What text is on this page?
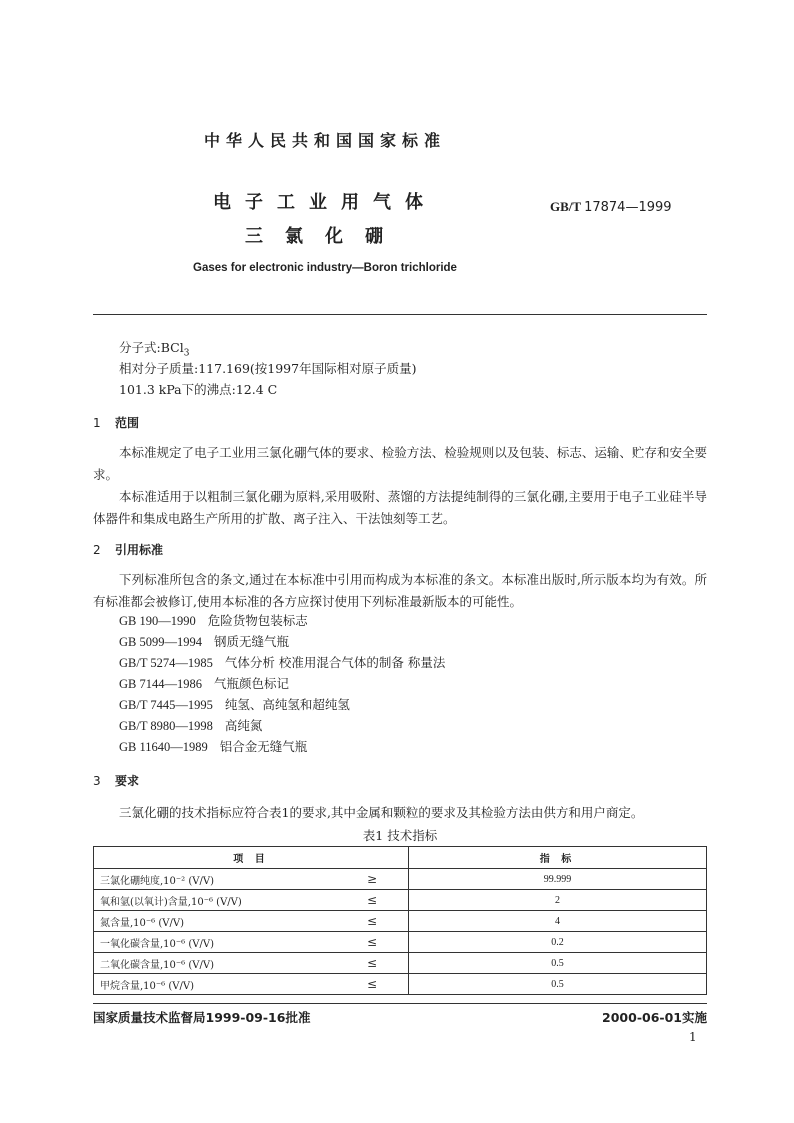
中华人民共和国国家标准
电子工业用气体
三氯化硼
GB/T 17874—1999
Gases for electronic industry—Boron trichloride
分子式:BCl$_3$
相对分子质量:117.169(按1997年国际相对原子质量)
101.3 kPa下的沸点:12.4 C
1 范围
本标准规定了电子工业用三氯化硼气体的要求、检验方法、检验规则以及包装、标志、运输、贮存和安全要求。
本标准适用于以粗制三氯化硼为原料,采用吸附、蒸馏的方法提纯制得的三氯化硼,主要用于电子工业硅半导体器件和集成电路生产所用的扩散、离子注入、干法蚀刻等工艺。
2 引用标准
下列标准所包含的条文,通过在本标准中引用而构成为本标准的条文。本标准出版时,所示版本均为有效。所有标准都会被修订,使用本标准的各方应探讨使用下列标准最新版本的可能性。
GB 190—1990 危险货物包装标志
GB 5099—1994 钢质无缝气瓶
GB/T 5274—1985 气体分析 校准用混合气体的制备 称量法
GB 7144—1986 气瓶颜色标记
GB/T 7445—1995 纯氢、高纯氢和超纯氢
GB/T 8980—1998 高纯氮
GB 11640—1989 铝合金无缝气瓶
3 要求
三氯化硼的技术指标应符合表1的要求,其中金属和颗粒的要求及其检验方法由供方和用户商定。
表1 技术指标
项 目		指 标
三氯化硼纯度,10⁻² (V/V)	≥	99.999
氧和氩(以氧计)含量,10⁻⁶ (V/V)	≤	2
氮含量,10⁻⁶ (V/V)	≤	4
一氧化碳含量,10⁻⁶ (V/V)	≤	0.2
二氧化碳含量,10⁻⁶ (V/V)	≤	0.5
甲烷含量,10⁻⁶ (V/V)	≤	0.5
国家质量技术监督局1999-09-16批准	2000-06-01实施
1
